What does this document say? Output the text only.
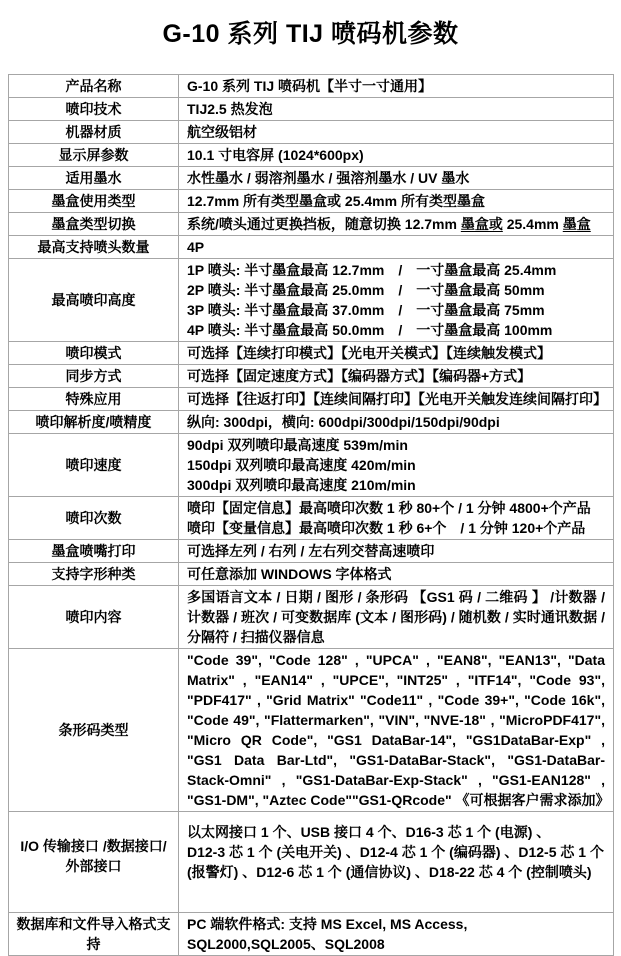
G-10 系列 TIJ 喷码机参数
产品名称	G-10 系列 TIJ 喷码机【半寸一寸通用】

喷印技术	TIJ2.5 热发泡

机器材质	航空级铝材

显示屏参数	10.1 寸电容屏 (1024*600px)

适用墨水	水性墨水 / 弱溶剂墨水 / 强溶剂墨水 / UV 墨水

墨盒使用类型	12.7mm 所有类型墨盒或 25.4mm 所有类型墨盒

墨盒类型切换	系统/喷头通过更换挡板，随意切换 12.7mm 墨盒或 25.4mm 墨盒

最高支持喷头数量	4P

最高喷印高度	1P 喷头: 半寸墨盒最高 12.7mm　/　一寸墨盒最高 25.4mm
2P 喷头: 半寸墨盒最高 25.0mm　/　一寸墨盒最高 50mm
3P 喷头: 半寸墨盒最高 37.0mm　/　一寸墨盒最高 75mm
4P 喷头: 半寸墨盒最高 50.0mm　/　一寸墨盒最高 100mm

喷印模式	可选择【连续打印模式】【光电开关模式】【连续触发模式】

同步方式	可选择【固定速度方式】【编码器方式】【编码器+方式】

特殊应用	可选择【往返打印】【连续间隔打印】【光电开关触发连续间隔打印】

喷印解析度/喷精度	纵向: 300dpi，横向: 600dpi/300dpi/150dpi/90dpi

喷印速度	90dpi 双列喷印最高速度 539m/min
150dpi 双列喷印最高速度 420m/min
300dpi 双列喷印最高速度 210m/min

喷印次数	喷印【固定信息】最高喷印次数 1 秒 80+个 / 1 分钟 4800+个产品
喷印【变量信息】最高喷印次数 1 秒 6+个　/ 1 分钟 120+个产品

墨盒喷嘴打印	可选择左列 / 右列 / 左右列交替高速喷印

支持字形种类	可任意添加 WINDOWS 字体格式

喷印内容	多国语言文本 / 日期 / 图形 / 条形码 【GS1 码 / 二维码 】 /计数器 / 计数器 / 班次 / 可变数据库 (文本 / 图形码) / 随机数 / 实时通讯数据 / 分隔符 / 扫描仪器信息

条形码类型	"Code 39", "Code 128" , "UPCA" , "EAN8", "EAN13", "Data Matrix" , "EAN14" , "UPCE", "INT25" , "ITF14", "Code 93", "PDF417" , "Grid Matrix" "Code11" , "Code 39+", "Code 16k", "Code 49", "Flattermarken", "VIN", "NVE-18" , "MicroPDF417", "Micro QR Code", "GS1 DataBar-14", "GS1DataBar-Exp" , "GS1 Data Bar-Ltd", "GS1-DataBar-Stack", "GS1-DataBar-Stack-Omni" , "GS1-DataBar-Exp-Stack" , "GS1-EAN128" , "GS1-DM", "Aztec Code""GS1-QRcode" 《可根据客户需求添加》

I/O 传输接口 /数据接口/外部接口	以太网接口 1 个、USB 接口 4 个、D16-3 芯 1 个 (电源) 、
D12-3 芯 1 个 (关电开关) 、D12-4 芯 1 个 (编码器) 、D12-5 芯 1 个 (报警灯) 、D12-6 芯 1 个 (通信协议) 、D18-22 芯 4 个 (控制喷头)

数据库和文件导入格式支持	PC 端软件格式: 支持 MS Excel, MS Access, SQL2000,SQL2005、SQL2008
